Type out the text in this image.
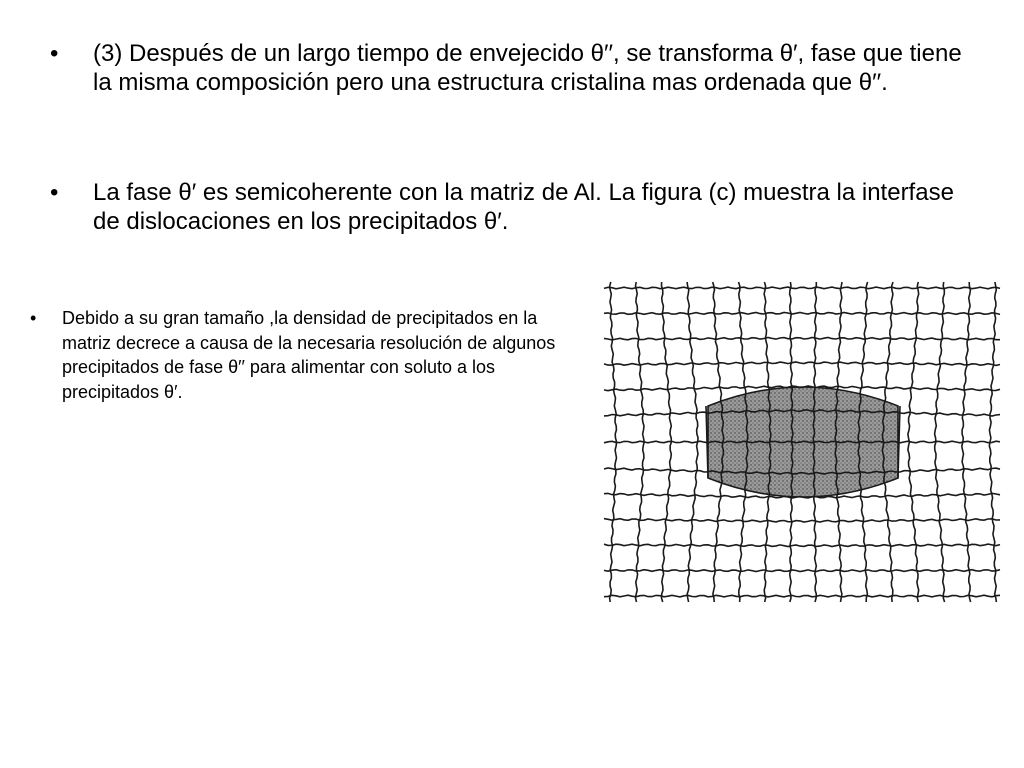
• (3) Después de un largo tiempo de envejecido θ′′, se transforma θ′, fase que tiene la misma composición pero una estructura cristalina mas ordenada que θ′′.
• La fase θ′ es semicoherente con la matriz de Al. La figura (c) muestra la interfase de dislocaciones en los precipitados θ′.
• Debido a su gran tamaño ,la densidad de precipitados en la matriz decrece a causa de la necesaria resolución de algunos precipitados de fase θ′′ para alimentar con soluto a los precipitados θ′.
